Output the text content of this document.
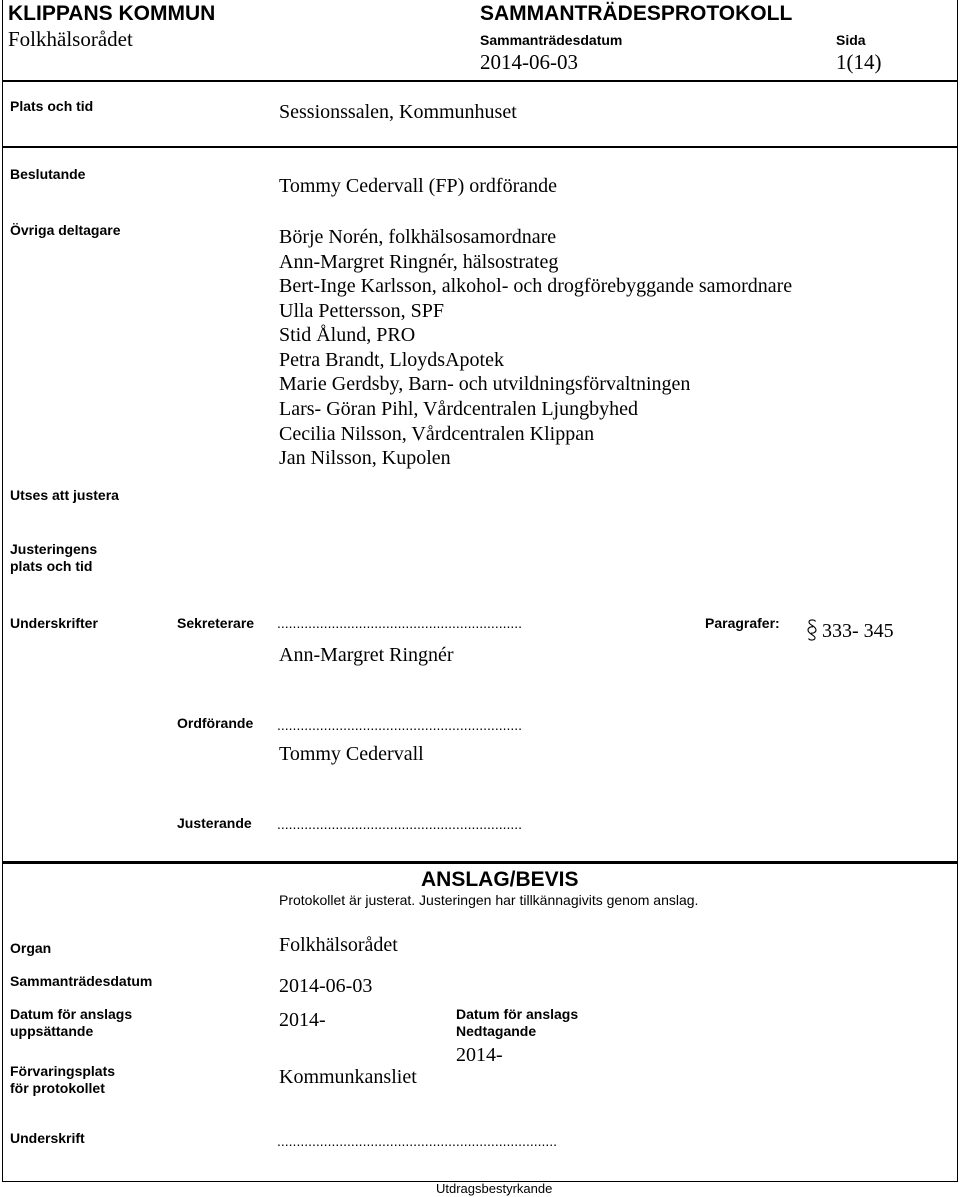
KLIPPANS KOMMUN
Folkhälsorådet
SAMMANTRÄDESPROTOKOLL
Sammanträdesdatum
2014-06-03
Sida
1(14)
Plats och tid	Sessionssalen, Kommunhuset
Beslutande
Tommy Cedervall (FP) ordförande
Övriga deltagare	Börje Norén, folkhälsosamordnare
Ann-Margret Ringnér, hälsostrateg
Bert-Inge Karlsson, alkohol- och drogförebyggande samordnare
Ulla Pettersson, SPF
Stid Ålund, PRO
Petra Brandt, LloydsApotek
Marie Gerdsby, Barn- och utvildningsförvaltningen
Lars- Göran Pihl, Vårdcentralen Ljungbyhed
Cecilia Nilsson, Vårdcentralen Klippan
Jan Nilsson, Kupolen
Utses att justera
Justeringens
plats och tid
Underskrifter	Sekreterare ...............................................................
Ann-Margret Ringnér
Paragrafer: 333- 345
Ordförande ...............................................................
Tommy Cedervall
Justerande ...............................................................
ANSLAG/BEVIS
Protokollet är justerat. Justeringen har tillkännagivits genom anslag.
Organ	Folkhälsorådet
Sammanträdesdatum	2014-06-03
Datum för anslags
uppsättande	2014-	Datum för anslags
Nedtagande
2014-
Förvaringsplats
för protokollet	Kommunkansliet
Underskrift	........................................................................
Utdragsbestyrkande
